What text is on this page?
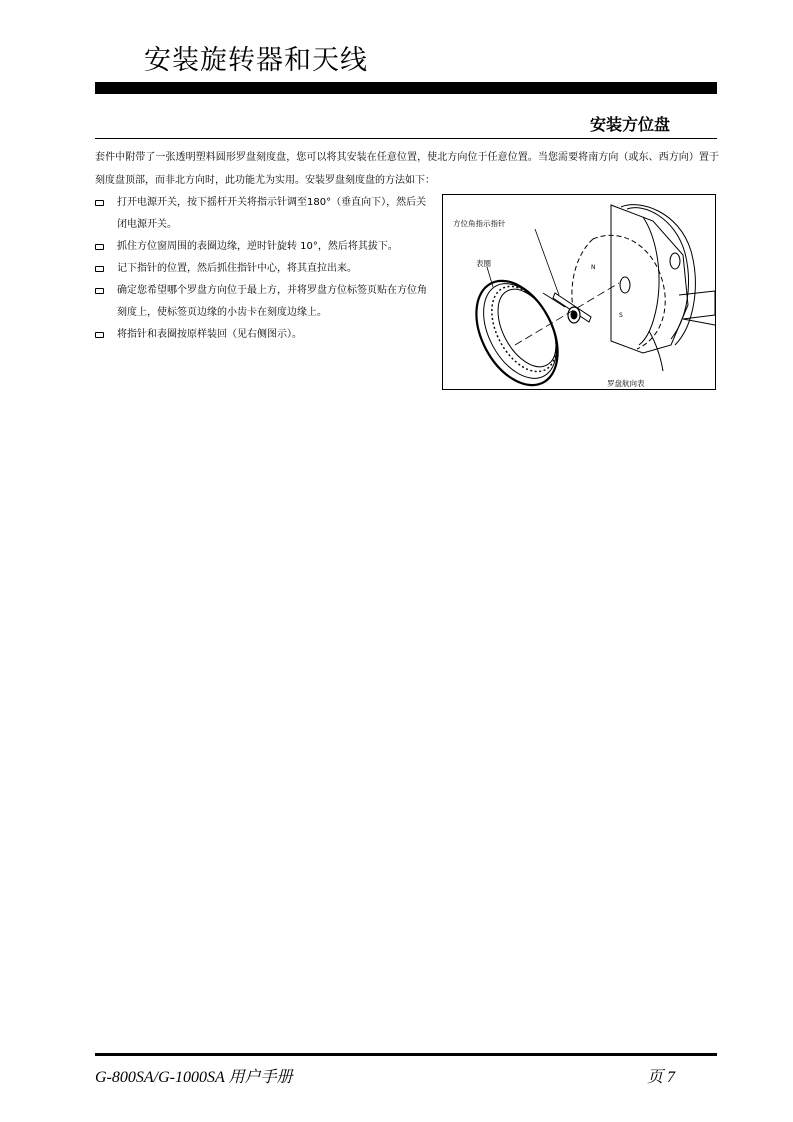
安装旋转器和天线
安装方位盘

套件中附带了一张透明塑料圆形罗盘刻度盘，您可以将其安装在任意位置，使北方向位于任意位置。当您需要将南方向（或东、西方向）置于刻度盘顶部，而非北方向时，此功能尤为实用。安装罗盘刻度盘的方法如下：

打开电源开关，按下摇杆开关将指示针调至180°（垂直向下），然后关闭电源开关。
抓住方位窗周围的表圈边缘，逆时针旋转 10°，然后将其拔下。
记下指针的位置，然后抓住指针中心，将其直拉出来。
确定您希望哪个罗盘方向位于最上方，并将罗盘方位标签页贴在方位角刻度上，使标签页边缘的小齿卡在刻度边缘上。
将指针和表圈按原样装回（见右侧图示）。
N
S
方位角指示指针
表圈
罗盘航向表
G-800SA/G-1000SA 用户手册	页 7
